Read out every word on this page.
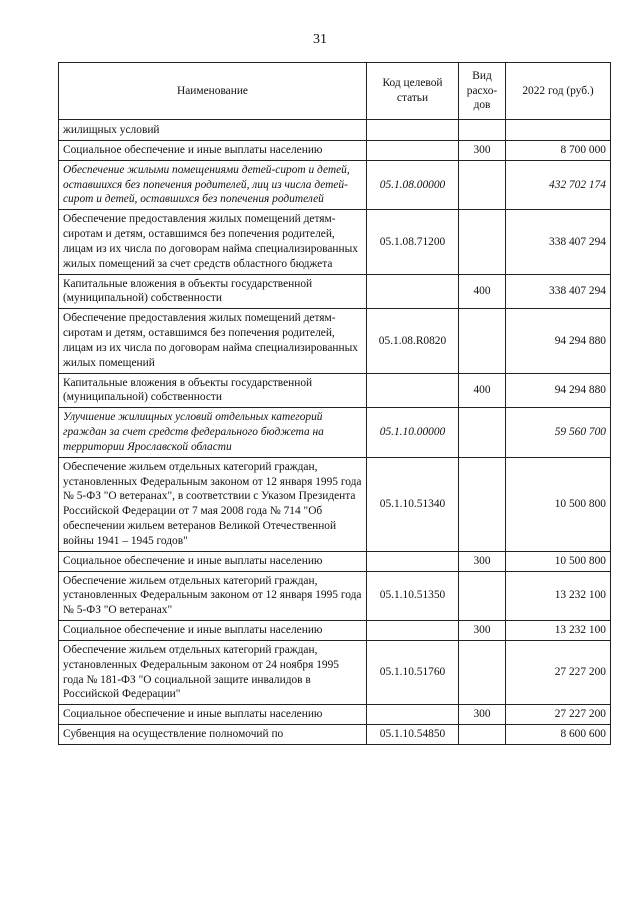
31
Наименование	Код целевой статьи	Вид расхо-дов	2022 год (руб.)
жилищных условий			
Социальное обеспечение и иные выплаты населению		300	8 700 000
Обеспечение жилыми помещениями детей-сирот и детей, оставшихся без попечения родителей, лиц из числа детей-сирот и детей, оставшихся без попечения родителей	05.1.08.00000		432 702 174
Обеспечение предоставления жилых помещений детям-сиротам и детям, оставшимся без попечения родителей, лицам из их числа по договорам найма специализированных жилых помещений за счет средств областного бюджета	05.1.08.71200		338 407 294
Капитальные вложения в объекты государственной (муниципальной) собственности		400	338 407 294
Обеспечение предоставления жилых помещений детям-сиротам и детям, оставшимся без попечения родителей, лицам из их числа по договорам найма специализированных жилых помещений	05.1.08.R0820		94 294 880
Капитальные вложения в объекты государственной (муниципальной) собственности		400	94 294 880
Улучшение жилищных условий отдельных категорий граждан за счет средств федерального бюджета на территории Ярославской области	05.1.10.00000		59 560 700
Обеспечение жильем отдельных категорий граждан, установленных Федеральным законом от 12 января 1995 года № 5-ФЗ "О ветеранах", в соответствии с Указом Президента Российской Федерации от 7 мая 2008 года № 714 "Об обеспечении жильем ветеранов Великой Отечественной войны 1941 – 1945 годов"	05.1.10.51340		10 500 800
Социальное обеспечение и иные выплаты населению		300	10 500 800
Обеспечение жильем отдельных категорий граждан, установленных Федеральным законом от 12 января 1995 года № 5-ФЗ "О ветеранах"	05.1.10.51350		13 232 100
Социальное обеспечение и иные выплаты населению		300	13 232 100
Обеспечение жильем отдельных категорий граждан, установленных Федеральным законом от 24 ноября 1995 года № 181-ФЗ "О социальной защите инвалидов в Российской Федерации"	05.1.10.51760		27 227 200
Социальное обеспечение и иные выплаты населению		300	27 227 200
Субвенция на осуществление полномочий по	05.1.10.54850		8 600 600
